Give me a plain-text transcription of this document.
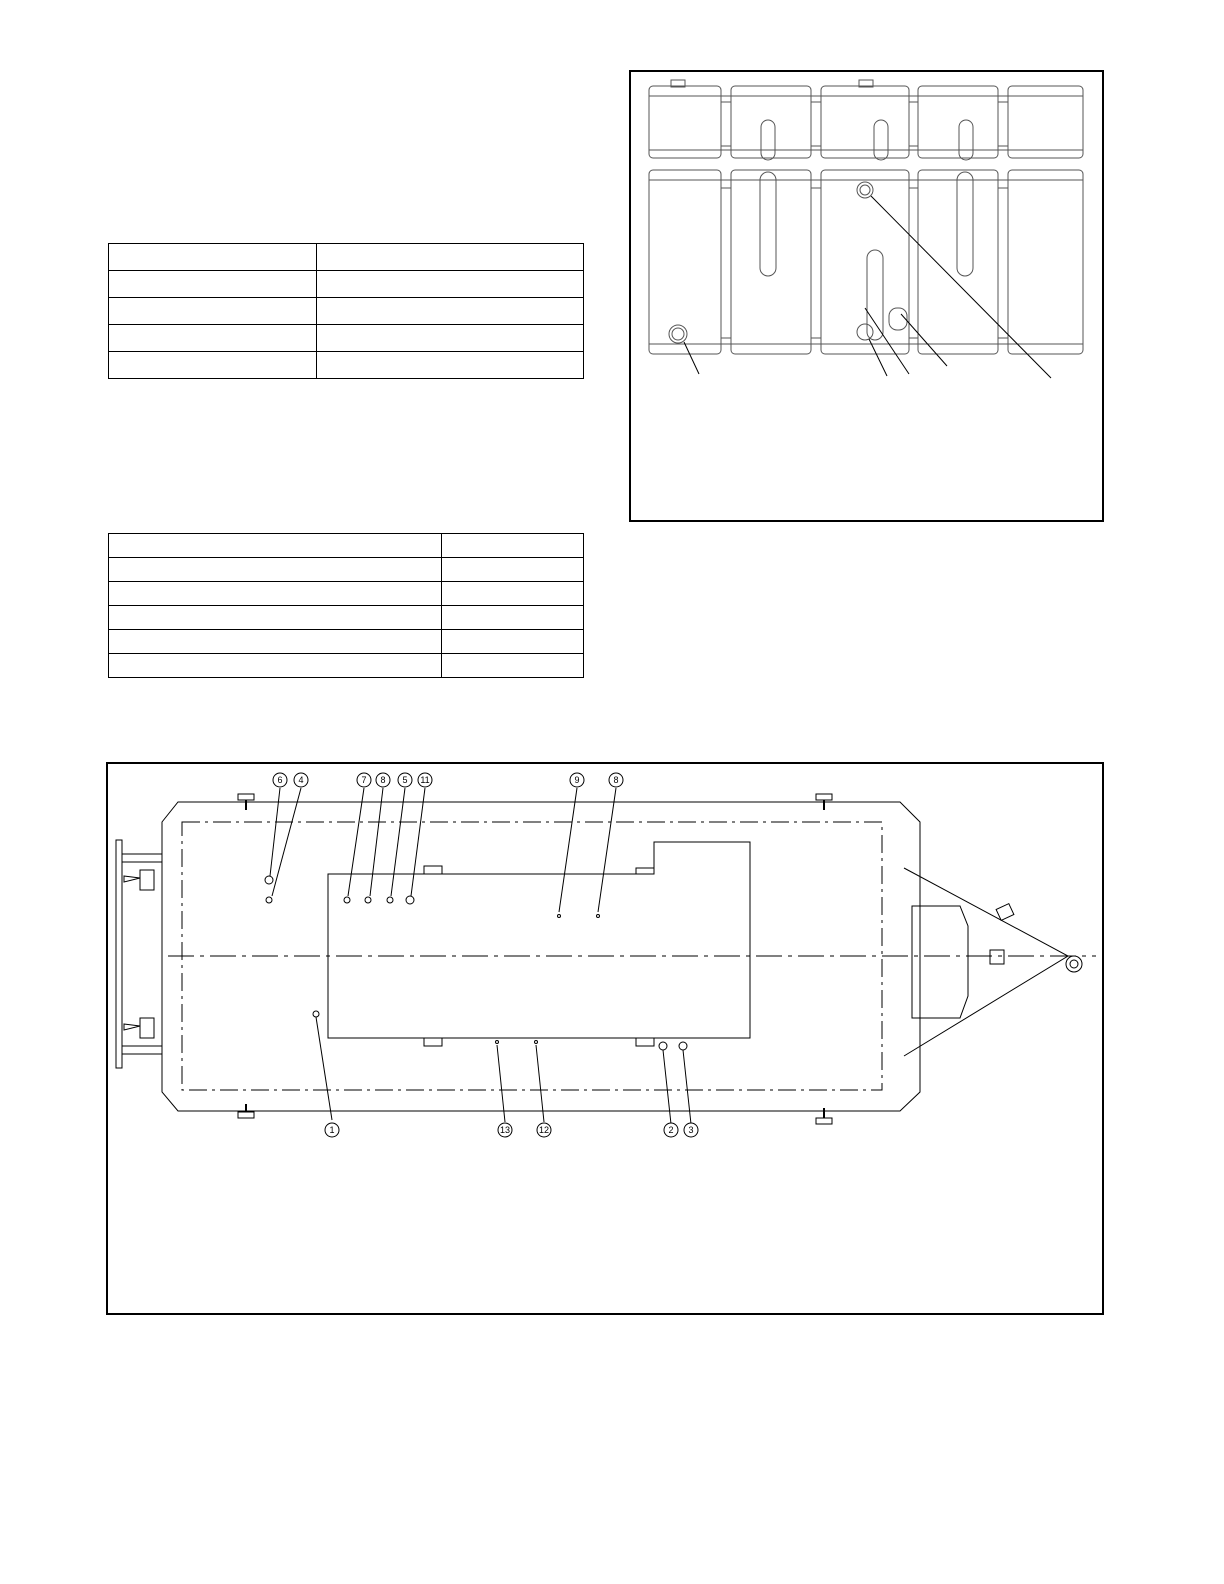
6 4	7 8 5 11	9	8
1	13	12	2 3
